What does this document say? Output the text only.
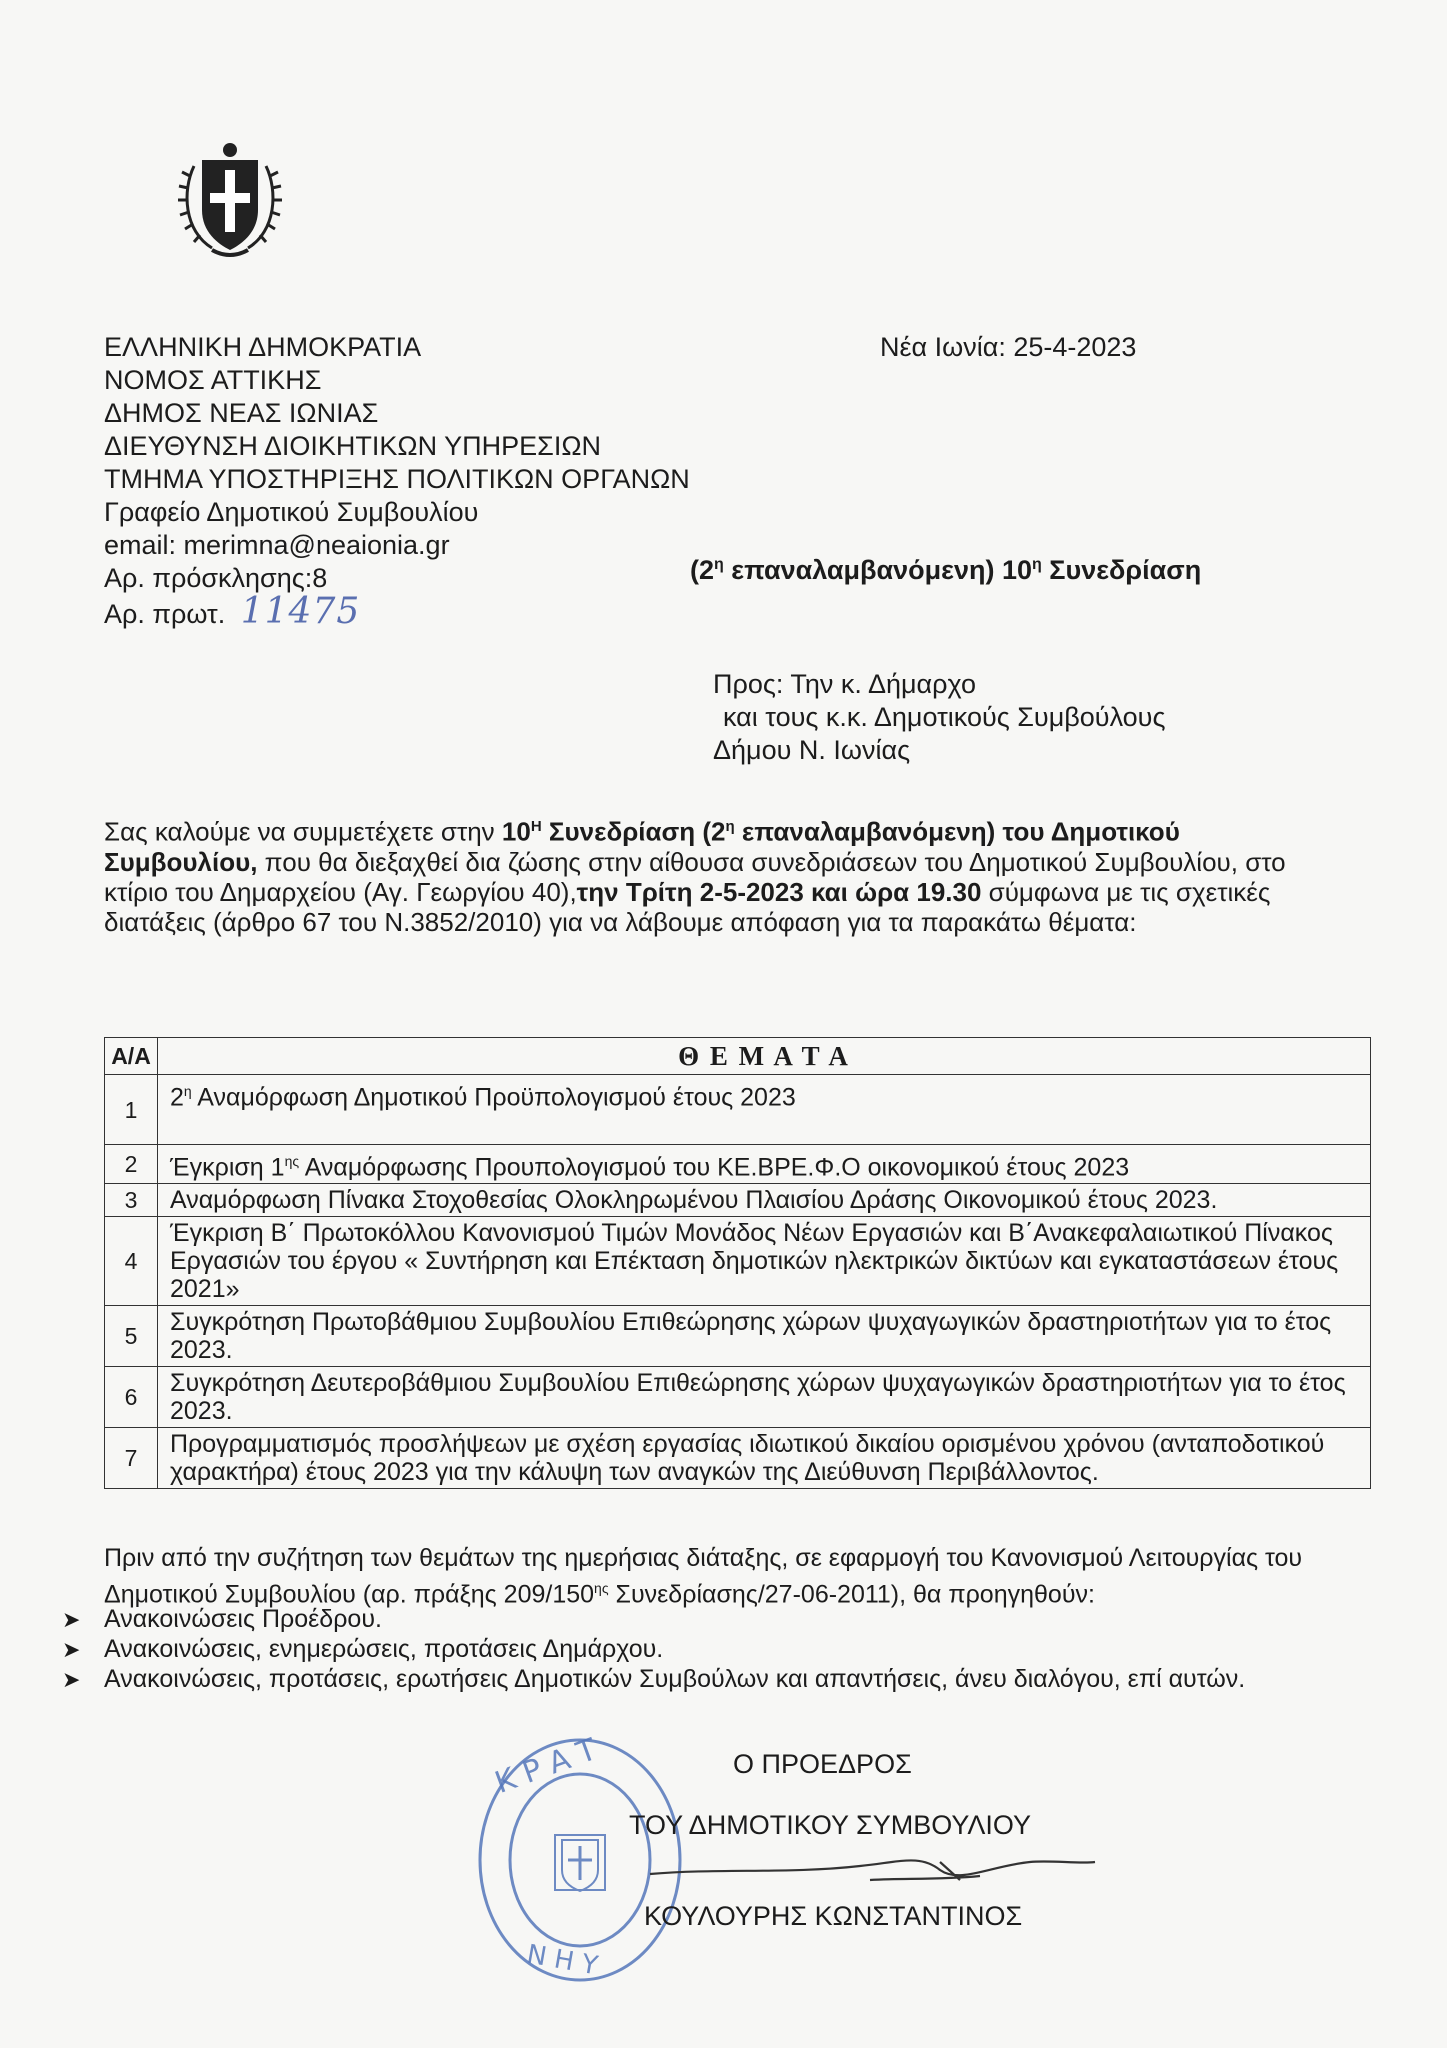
ΕΛΛΗΝΙΚΗ ΔΗΜΟΚΡΑΤΙΑ
ΝΟΜΟΣ ΑΤΤΙΚΗΣ
ΔΗΜΟΣ ΝΕΑΣ ΙΩΝΙΑΣ
ΔΙΕΥΘΥΝΣΗ ΔΙΟΙΚΗΤΙΚΩΝ ΥΠΗΡΕΣΙΩΝ
ΤΜΗΜΑ ΥΠΟΣΤΗΡΙΞΗΣ ΠΟΛΙΤΙΚΩΝ ΟΡΓΑΝΩΝ
Γραφείο Δημοτικού Συμβουλίου
email: merimna@neaionia.gr
Αρ. πρόσκλησης:8
Αρ. πρωτ. 11475
Νέα Ιωνία: 25-4-2023
($2^\eta$ επαναλαμβανόμενη) $10^\eta$ Συνεδρίαση
Προς: Την κ. Δήμαρχο
και τους κ.κ. Δημοτικούς Συμβούλους
Δήμου Ν. Ιωνίας
Σας καλούμε να συμμετέχετε στην $10^H$ Συνεδρίαση ($2^\eta$ επαναλαμβανόμενη) του Δημοτικού Συμβουλίου, που θα διεξαχθεί δια ζώσης στην αίθουσα συνεδριάσεων του Δημοτικού Συμβουλίου, στο κτίριο του Δημαρχείου (Αγ. Γεωργίου 40),την Τρίτη 2-5-2023 και ώρα 19.30 σύμφωνα με τις σχετικές διατάξεις (άρθρο 67 του Ν.3852/2010) για να λάβουμε απόφαση για τα παρακάτω θέματα:
Α/Α	Θ Ε Μ Α Τ Α
1	$2^\eta$ Αναμόρφωση Δημοτικού Προϋπολογισμού έτους 2023
2	Έγκριση $1^{\eta\varsigma}$ Αναμόρφωσης Προυπολογισμού του ΚΕ.ΒΡΕ.Φ.Ο οικονομικού έτους 2023
3	Αναμόρφωση Πίνακα Στοχοθεσίας Ολοκληρωμένου Πλαισίου Δράσης Οικονομικού έτους 2023.
4	Έγκριση Β΄ Πρωτοκόλλου Κανονισμού Τιμών Μονάδος Νέων Εργασιών και Β΄Ανακεφαλαιωτικού Πίνακος Εργασιών του έργου « Συντήρηση και Επέκταση δημοτικών ηλεκτρικών δικτύων και εγκαταστάσεων έτους 2021»
5	Συγκρότηση Πρωτοβάθμιου Συμβουλίου Επιθεώρησης χώρων ψυχαγωγικών δραστηριοτήτων για το έτος 2023.
6	Συγκρότηση Δευτεροβάθμιου Συμβουλίου Επιθεώρησης χώρων ψυχαγωγικών δραστηριοτήτων για το έτος 2023.
7	Προγραμματισμός προσλήψεων με σχέση εργασίας ιδιωτικού δικαίου ορισμένου χρόνου (ανταποδοτικού χαρακτήρα) έτους 2023 για την κάλυψη των αναγκών της Διεύθυνση Περιβάλλοντος.
Πριν από την συζήτηση των θεμάτων της ημερήσιας διάταξης, σε εφαρμογή του Κανονισμού Λειτουργίας του Δημοτικού Συμβουλίου (αρ. πράξης $209/150^{\eta\varsigma}$ Συνεδρίασης/27-06-2011), θα προηγηθούν:
➤ Ανακοινώσεις Προέδρου.
➤ Ανακοινώσεις, ενημερώσεις, προτάσεις Δημάρχου.
➤ Ανακοινώσεις, προτάσεις, ερωτήσεις Δημοτικών Συμβούλων και απαντήσεις, άνευ διαλόγου, επί αυτών.
Κ Ρ Α Τ
Ν Η Υ
Ο ΠΡΟΕΔΡΟΣ
ΤΟΥ ΔΗΜΟΤΙΚΟΥ ΣΥΜΒΟΥΛΙΟΥ
ΚΟΥΛΟΥΡΗΣ ΚΩΝΣΤΑΝΤΙΝΟΣ
